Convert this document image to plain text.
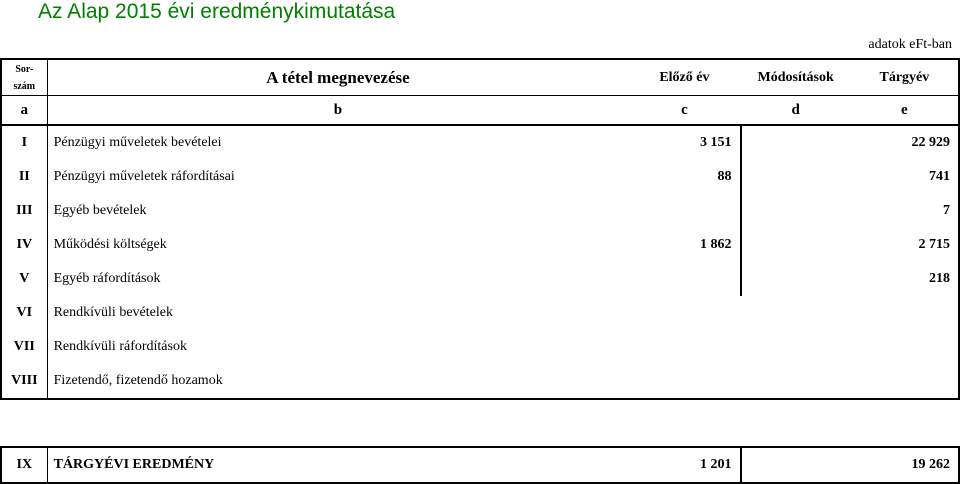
Az Alap 2015 évi eredménykimutatása
adatok eFt-ban
Sor-
szám	A tétel megnevezése	Előző év	Módosítások	Tárgyév
a	b	c	d	e
I	Pénzügyi műveletek bevételei	3 151		22 929
II	Pénzügyi műveletek ráfordításai	88		741
III	Egyéb bevételek			7
IV	Működési költségek	1 862		2 715
V	Egyéb ráfordítások			218
VI	Rendkívüli bevételek			
VII	Rendkívüli ráfordítások			
VIII	Fizetendő, fizetendő hozamok			
IX	TÁRGYÉVI EREDMÉNY	1 201		19 262
